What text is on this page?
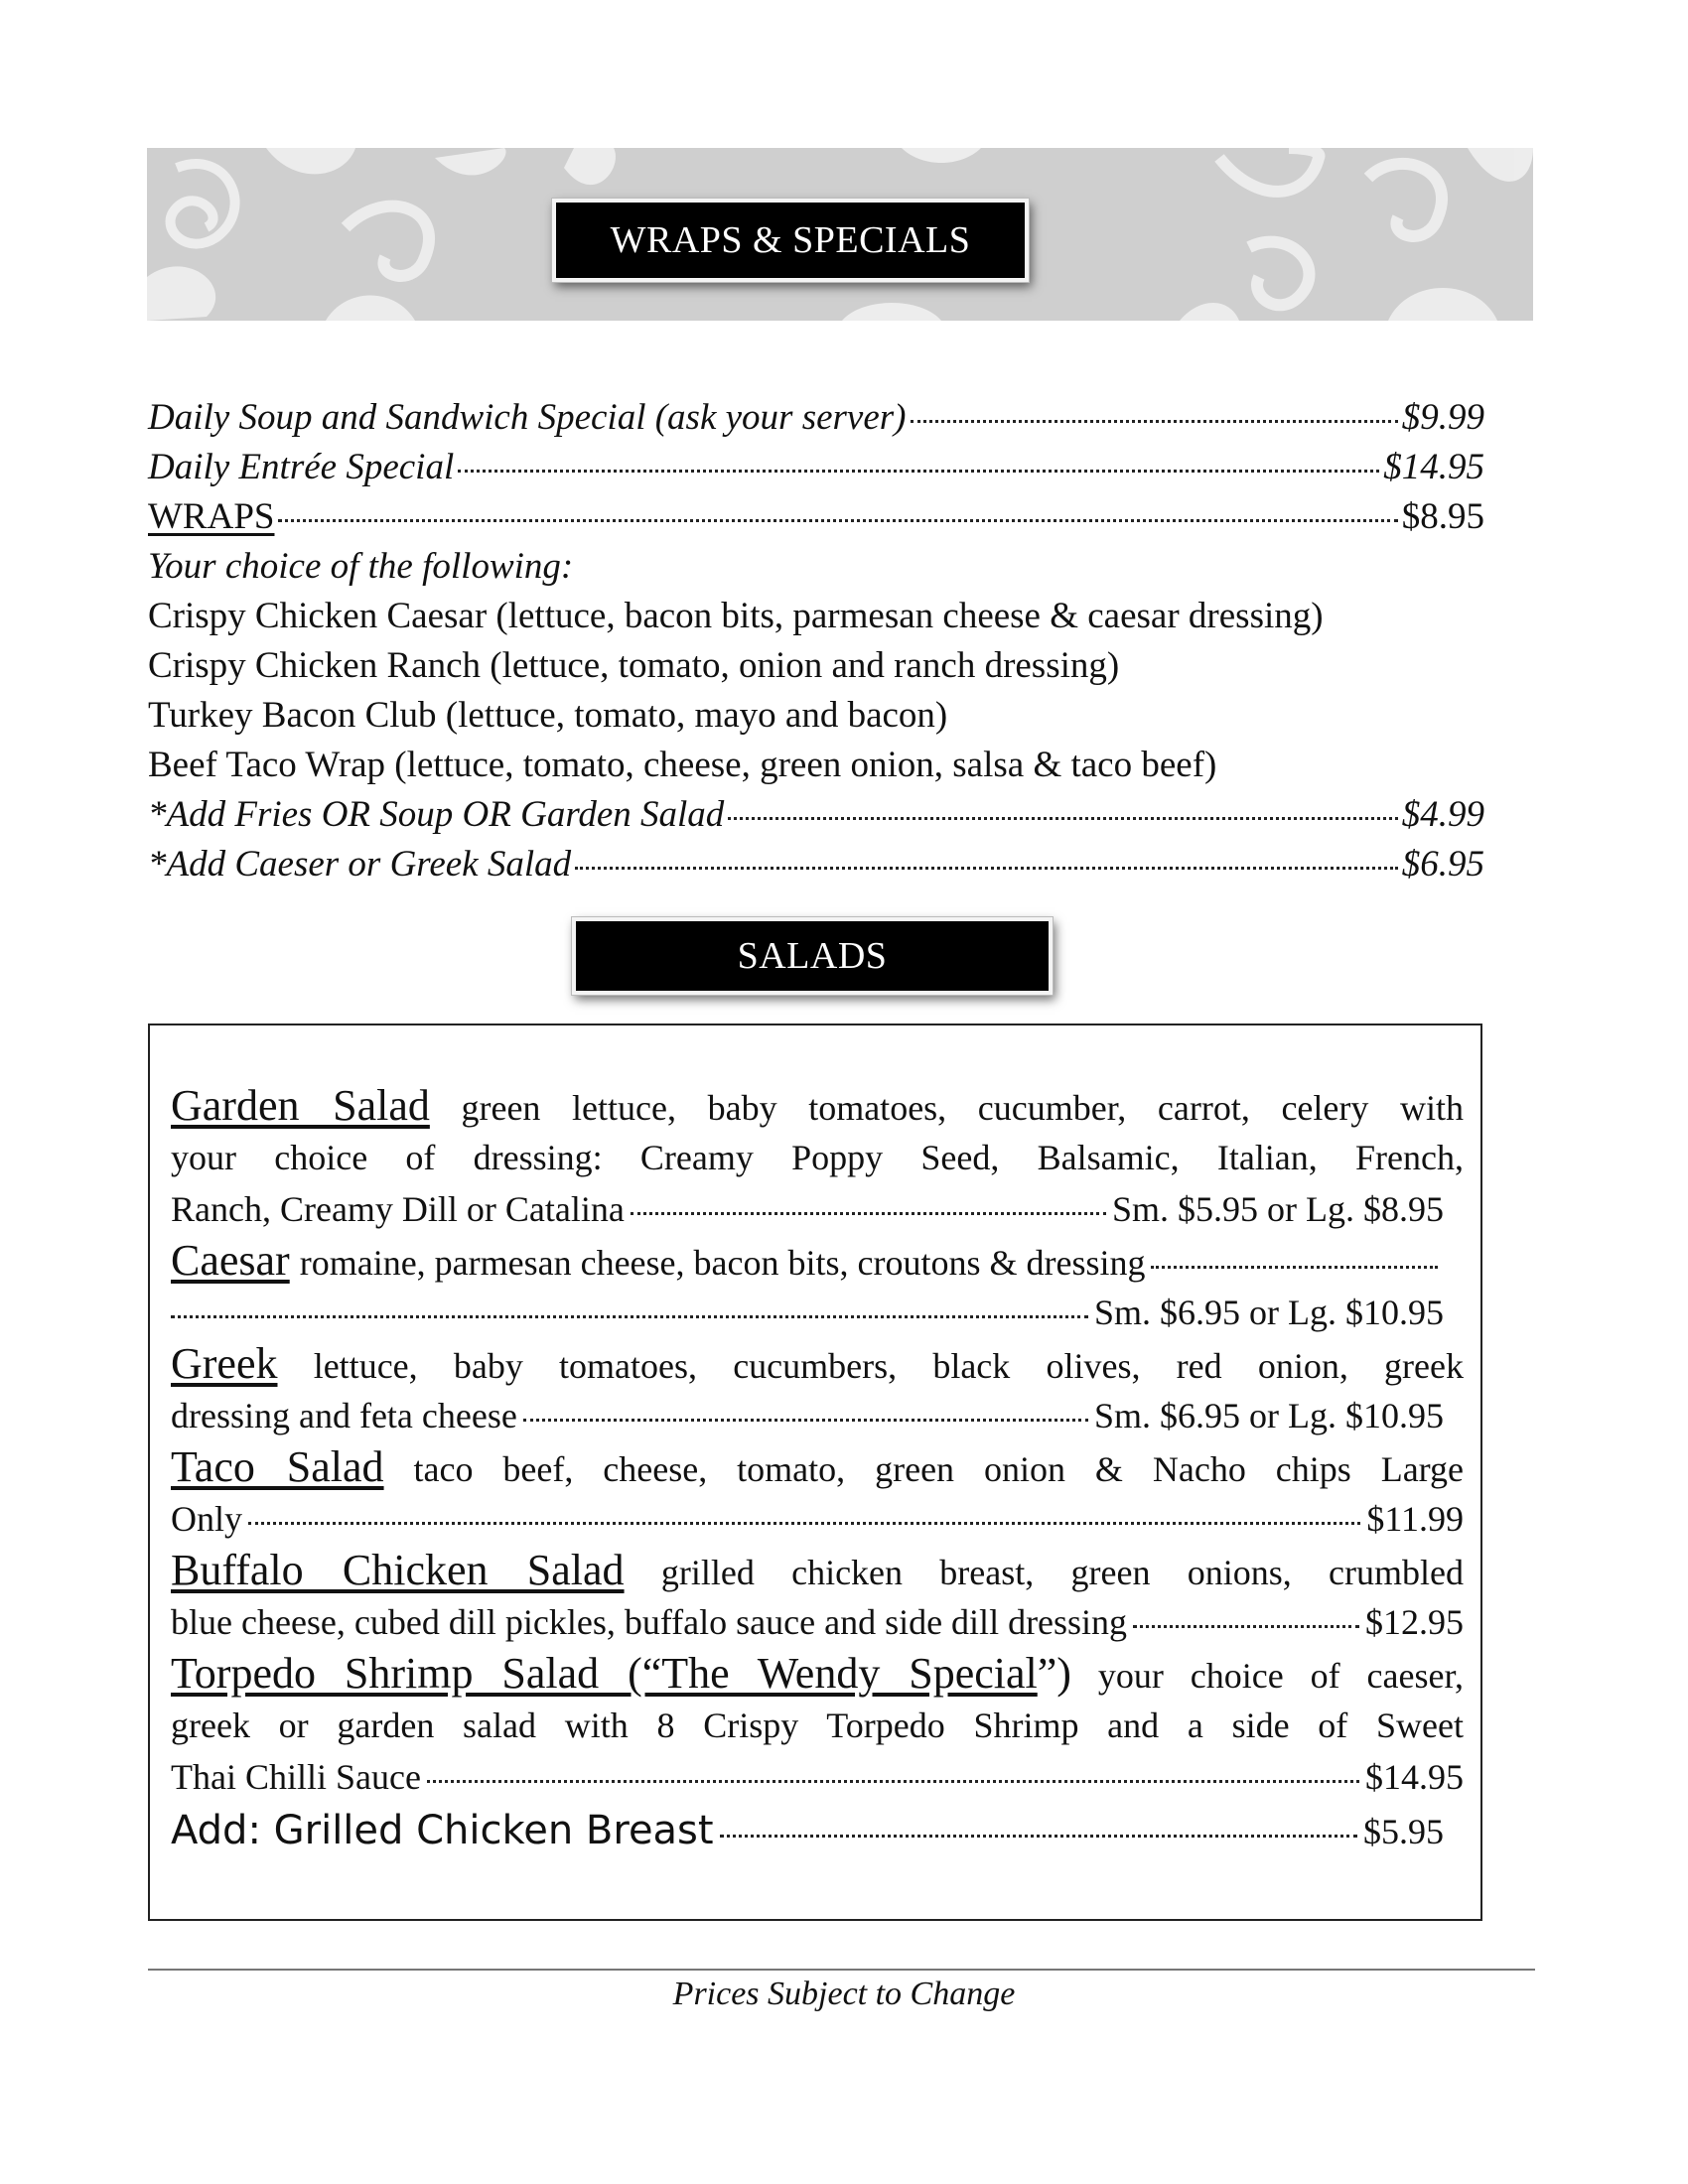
WRAPS & SPECIALS
Daily Soup and Sandwich Special (ask your server)	$9.99
Daily Entrée Special	$14.95
WRAPS	$8.95
Your choice of the following:
Crispy Chicken Caesar (lettuce, bacon bits, parmesan cheese & caesar dressing)
Crispy Chicken Ranch (lettuce, tomato, onion and ranch dressing)
Turkey Bacon Club (lettuce, tomato, mayo and bacon)
Beef Taco Wrap (lettuce, tomato, cheese, green onion, salsa & taco beef)
*Add Fries OR Soup OR Garden Salad	$4.99
*Add Caeser or Greek Salad	$6.95
SALADS
Garden Salad green lettuce, baby tomatoes, cucumber, carrot, celery with
your choice of dressing: Creamy Poppy Seed, Balsamic, Italian, French,
Ranch, Creamy Dill or Catalina	Sm. $5.95 or Lg. $8.95
Caesar romaine, parmesan cheese, bacon bits, croutons & dressing
Sm. $6.95 or Lg. $10.95
Greek lettuce, baby tomatoes, cucumbers, black olives, red onion, greek
dressing and feta cheese	Sm. $6.95 or Lg. $10.95
Taco Salad taco beef, cheese, tomato, green onion & Nacho chips Large
Only	$11.99
Buffalo Chicken Salad grilled chicken breast, green onions, crumbled
blue cheese, cubed dill pickles, buffalo sauce and side dill dressing	$12.95
Torpedo Shrimp Salad (“The Wendy Special”) your choice of caeser,
greek or garden salad with 8 Crispy Torpedo Shrimp and a side of Sweet
Thai Chilli Sauce	$14.95
Add: Grilled Chicken Breast	$5.95
Prices Subject to Change
